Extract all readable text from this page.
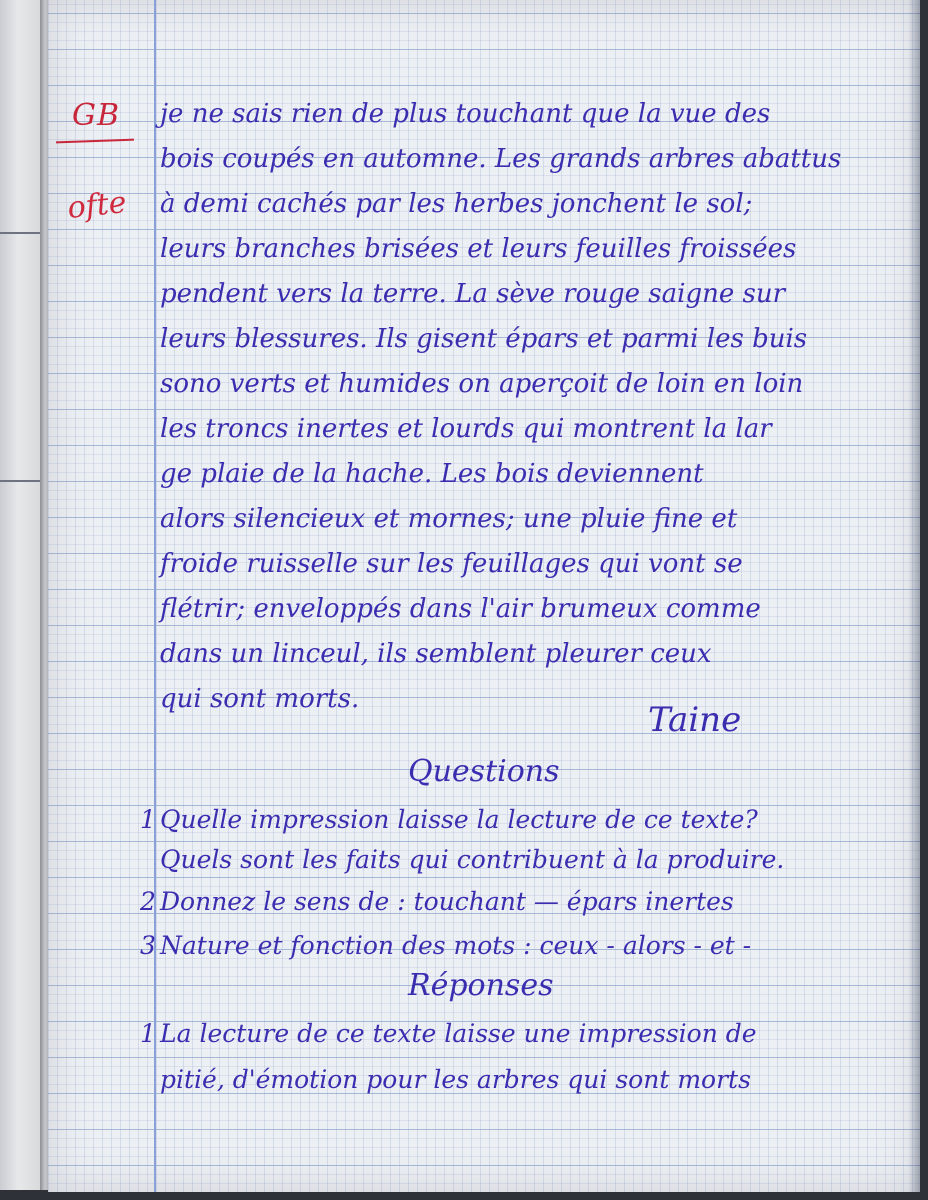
GB
ofte
je ne sais rien de plus touchant que la vue des
bois coupés en automne. Les grands arbres abattus
à demi cachés par les herbes jonchent le sol;
leurs branches brisées et leurs feuilles froissées
pendent vers la terre. La sève rouge saigne sur
leurs blessures. Ils gisent épars et parmi les buis
sono verts et humides on aperçoit de loin en loin
les troncs inertes et lourds qui montrent la lar
ge plaie de la hache. Les bois deviennent
alors silencieux et mornes; une pluie fine et
froide ruisselle sur les feuillages qui vont se
flétrir; enveloppés dans l'air brumeux comme
dans un linceul, ils semblent pleurer ceux
qui sont morts.
Taine
Questions
1 Quelle impression laisse la lecture de ce texte?
Quels sont les faits qui contribuent à la produire.
2 Donnez le sens de : touchant — épars inertes
3 Nature et fonction des mots : ceux - alors - et -
Réponses
1 La lecture de ce texte laisse une impression de
pitié, d'émotion pour les arbres qui sont morts
